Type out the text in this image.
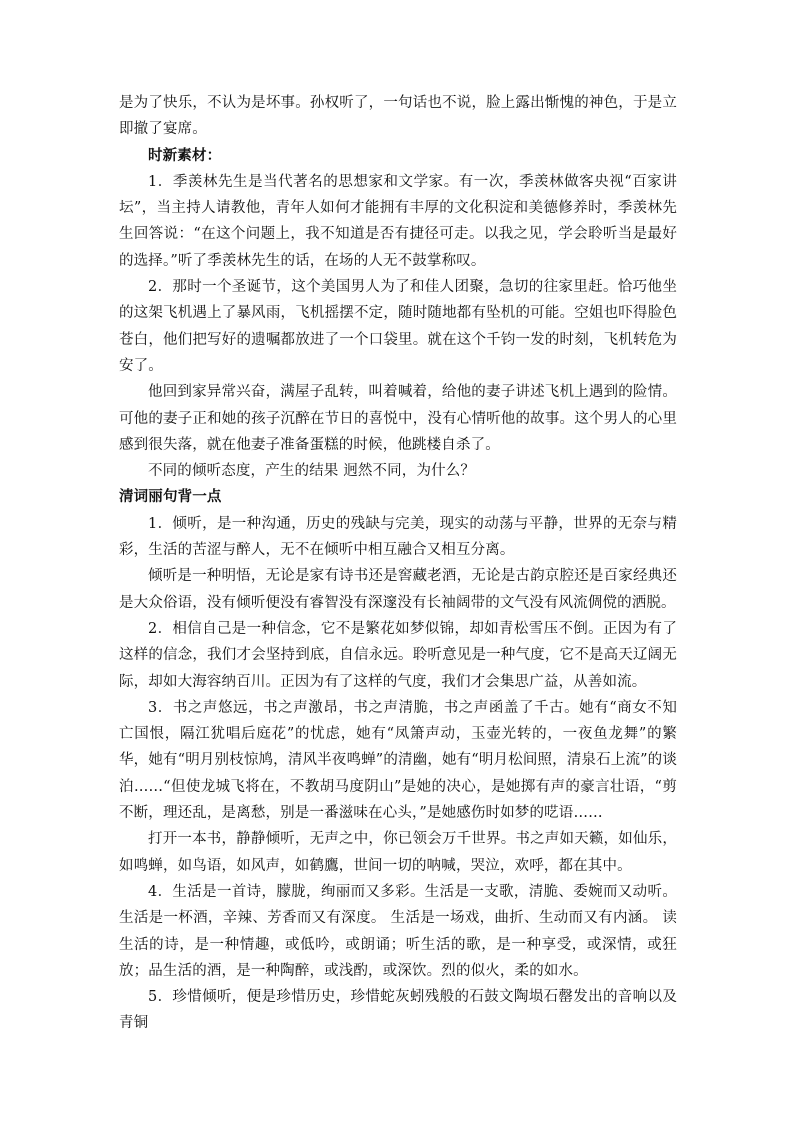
是为了快乐，不认为是坏事。孙权听了，一句话也不说，脸上露出惭愧的神色，于是立即撤了宴席。

时新素材：

1．季羡林先生是当代著名的思想家和文学家。有一次，季羡林做客央视“百家讲坛”，当主持人请教他，青年人如何才能拥有丰厚的文化积淀和美德修养时，季羡林先生回答说：“在这个问题上，我不知道是否有捷径可走。以我之见，学会聆听当是最好的选择。”听了季羡林先生的话，在场的人无不鼓掌称叹。

2．那时一个圣诞节，这个美国男人为了和佳人团聚，急切的往家里赶。恰巧他坐的这架飞机遇上了暴风雨，飞机摇摆不定，随时随地都有坠机的可能。空姐也吓得脸色苍白，他们把写好的遗嘱都放进了一个口袋里。就在这个千钧一发的时刻，飞机转危为安了。

他回到家异常兴奋，满屋子乱转，叫着喊着，给他的妻子讲述飞机上遇到的险情。可他的妻子正和她的孩子沉醉在节日的喜悦中，没有心情听他的故事。这个男人的心里感到很失落，就在他妻子准备蛋糕的时候，他跳楼自杀了。

不同的倾听态度，产生的结果 迥然不同，为什么？

清词丽句背一点

1．倾听，是一种沟通，历史的残缺与完美，现实的动荡与平静，世界的无奈与精彩，生活的苦涩与醉人，无不在倾听中相互融合又相互分离。

倾听是一种明悟，无论是家有诗书还是窖藏老酒，无论是古韵京腔还是百家经典还是大众俗语，没有倾听便没有睿智没有深邃没有长袖阔带的文气没有风流倜傥的洒脱。

2．相信自己是一种信念，它不是繁花如梦似锦，却如青松雪压不倒。正因为有了这样的信念，我们才会坚持到底，自信永远。聆听意见是一种气度，它不是高天辽阔无际，却如大海容纳百川。正因为有了这样的气度，我们才会集思广益，从善如流。

3．书之声悠远，书之声激昂，书之声清脆，书之声函盖了千古。她有“商女不知亡国恨，隔江犹唱后庭花”的忧虑，她有“凤箫声动，玉壶光转的，一夜鱼龙舞”的繁华，她有“明月别枝惊鸠，清风半夜鸣蝉”的清幽，她有“明月松间照，清泉石上流”的谈泊……“但使龙城飞将在，不教胡马度阴山”是她的决心，是她掷有声的豪言壮语，“剪不断，理还乱，是离愁，别是一番滋味在心头，”是她感伤时如梦的呓语……

打开一本书，静静倾听，无声之中，你已领会万千世界。书之声如天籁，如仙乐，如鸣蝉，如鸟语，如风声，如鹤鷹，世间一切的呐喊，哭泣，欢呼，都在其中。

4．生活是一首诗，朦胧，绚丽而又多彩。生活是一支歌，清脆、委婉而又动听。生活是一杯酒，辛辣、芳香而又有深度。 生活是一场戏，曲折、生动而又有内涵。 读生活的诗，是一种情趣，或低吟，或朗诵；听生活的歌，是一种享受，或深情，或狂放；品生活的酒，是一种陶醉，或浅酌，或深饮。烈的似火，柔的如水。

5．珍惜倾听，便是珍惜历史，珍惜蛇灰蚓残般的石鼓文陶埙石罄发出的音响以及青铜
